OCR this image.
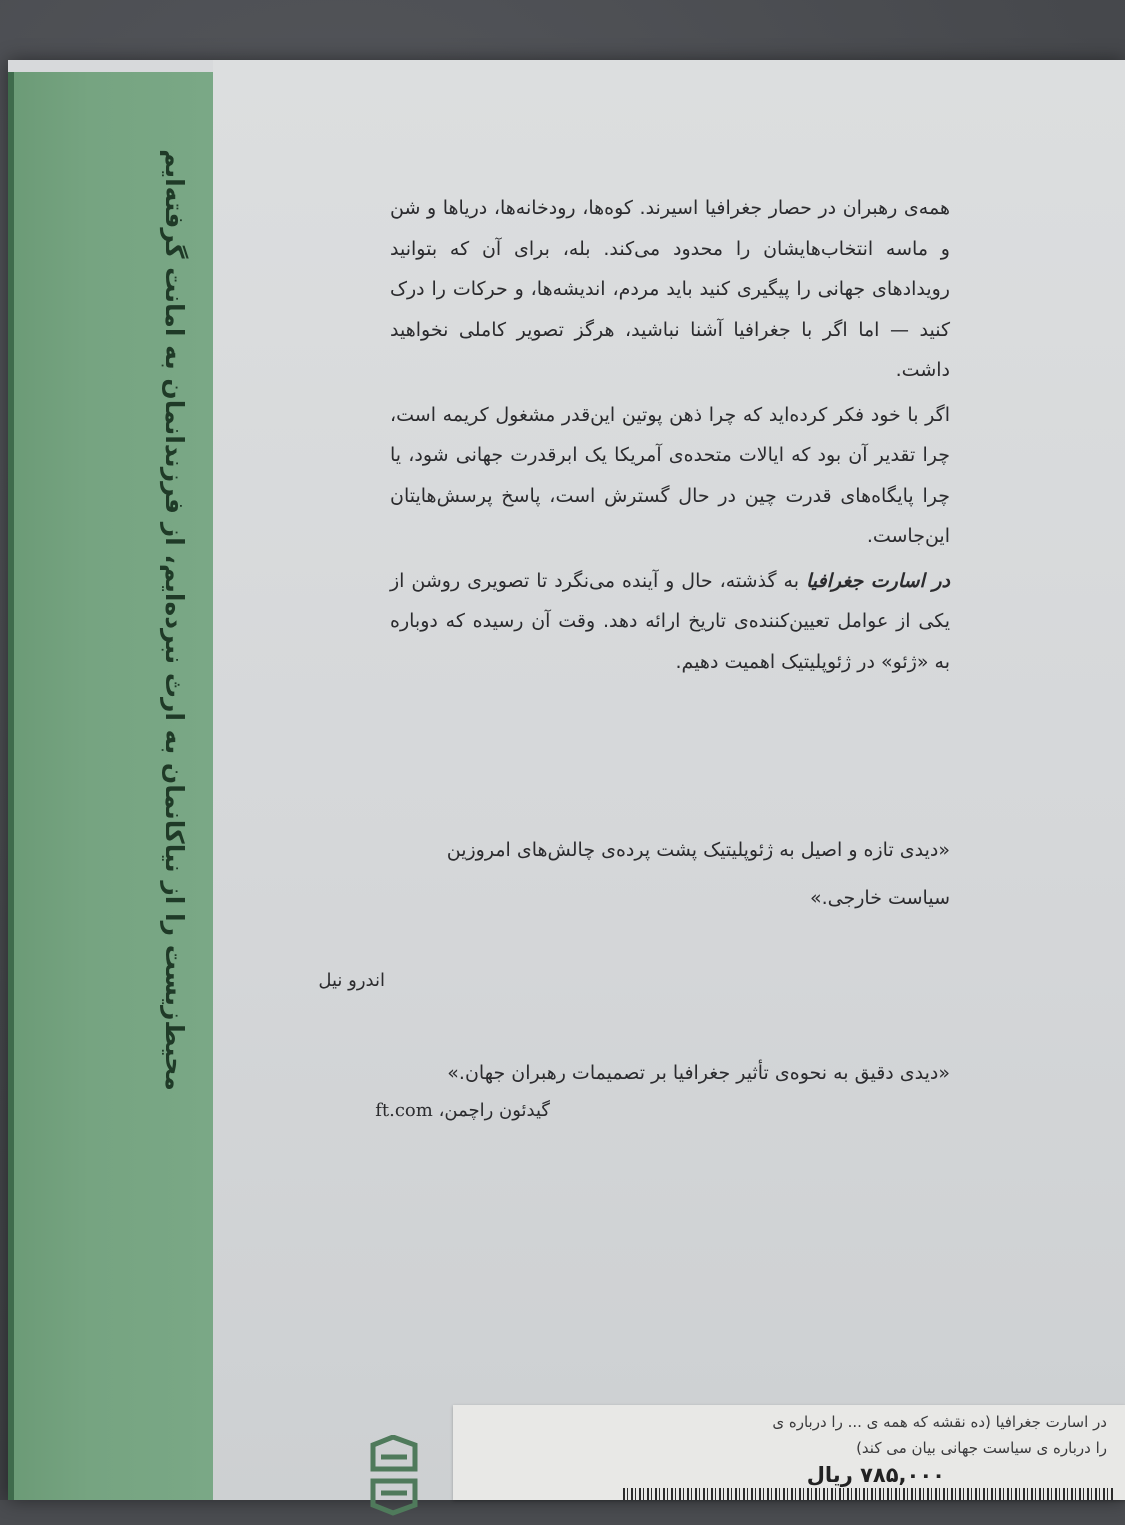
محیط‌زیست را از نیاکانمان به ارث نبرده‌ایم، از فرزندانمان به امانت گرفته‌ایم	همه‌ی رهبران در حصار جغرافیا اسیرند. کوه‌ها، رودخانه‌ها، دریاها و شن و ماسه انتخاب‌هایشان را محدود می‌کند. بله، برای آن که بتوانید رویدادهای جهانی را پیگیری کنید باید مردم، اندیشه‌ها، و حرکات را درک کنید — اما اگر با جغرافیا آشنا نباشید، هرگز تصویر کاملی نخواهید داشت.

اگر با خود فکر کرده‌اید که چرا ذهن پوتین این‌قدر مشغول کریمه است، چرا تقدیر آن بود که ایالات متحده‌ی آمریکا یک ابرقدرت جهانی شود، یا چرا پایگاه‌های قدرت چین در حال گسترش است، پاسخ پرسش‌هایتان این‌جاست.

در اسارت جغرافیا به گذشته، حال و آینده می‌نگرد تا تصویری روشن از یکی از عوامل تعیین‌کننده‌ی تاریخ ارائه دهد. وقت آن رسیده که دوباره به «ژئو» در ژئوپلیتیک اهمیت دهیم.

«دیدی تازه و اصیل به ژئوپلیتیک پشت پرده‌ی چالش‌های امروزین سیاست خارجی.»
اندرو نیل
«دیدی دقیق به نحوه‌ی تأثیر جغرافیا بر تصمیمات رهبران جهان.»
گیدئون راچمن، ft.com
در اسارت جغرافیا (ده نقشه که همه ی ... را درباره ی
را درباره ی سیاست جهانی بیان می کند)
۷۸۵,۰۰۰ ریال
